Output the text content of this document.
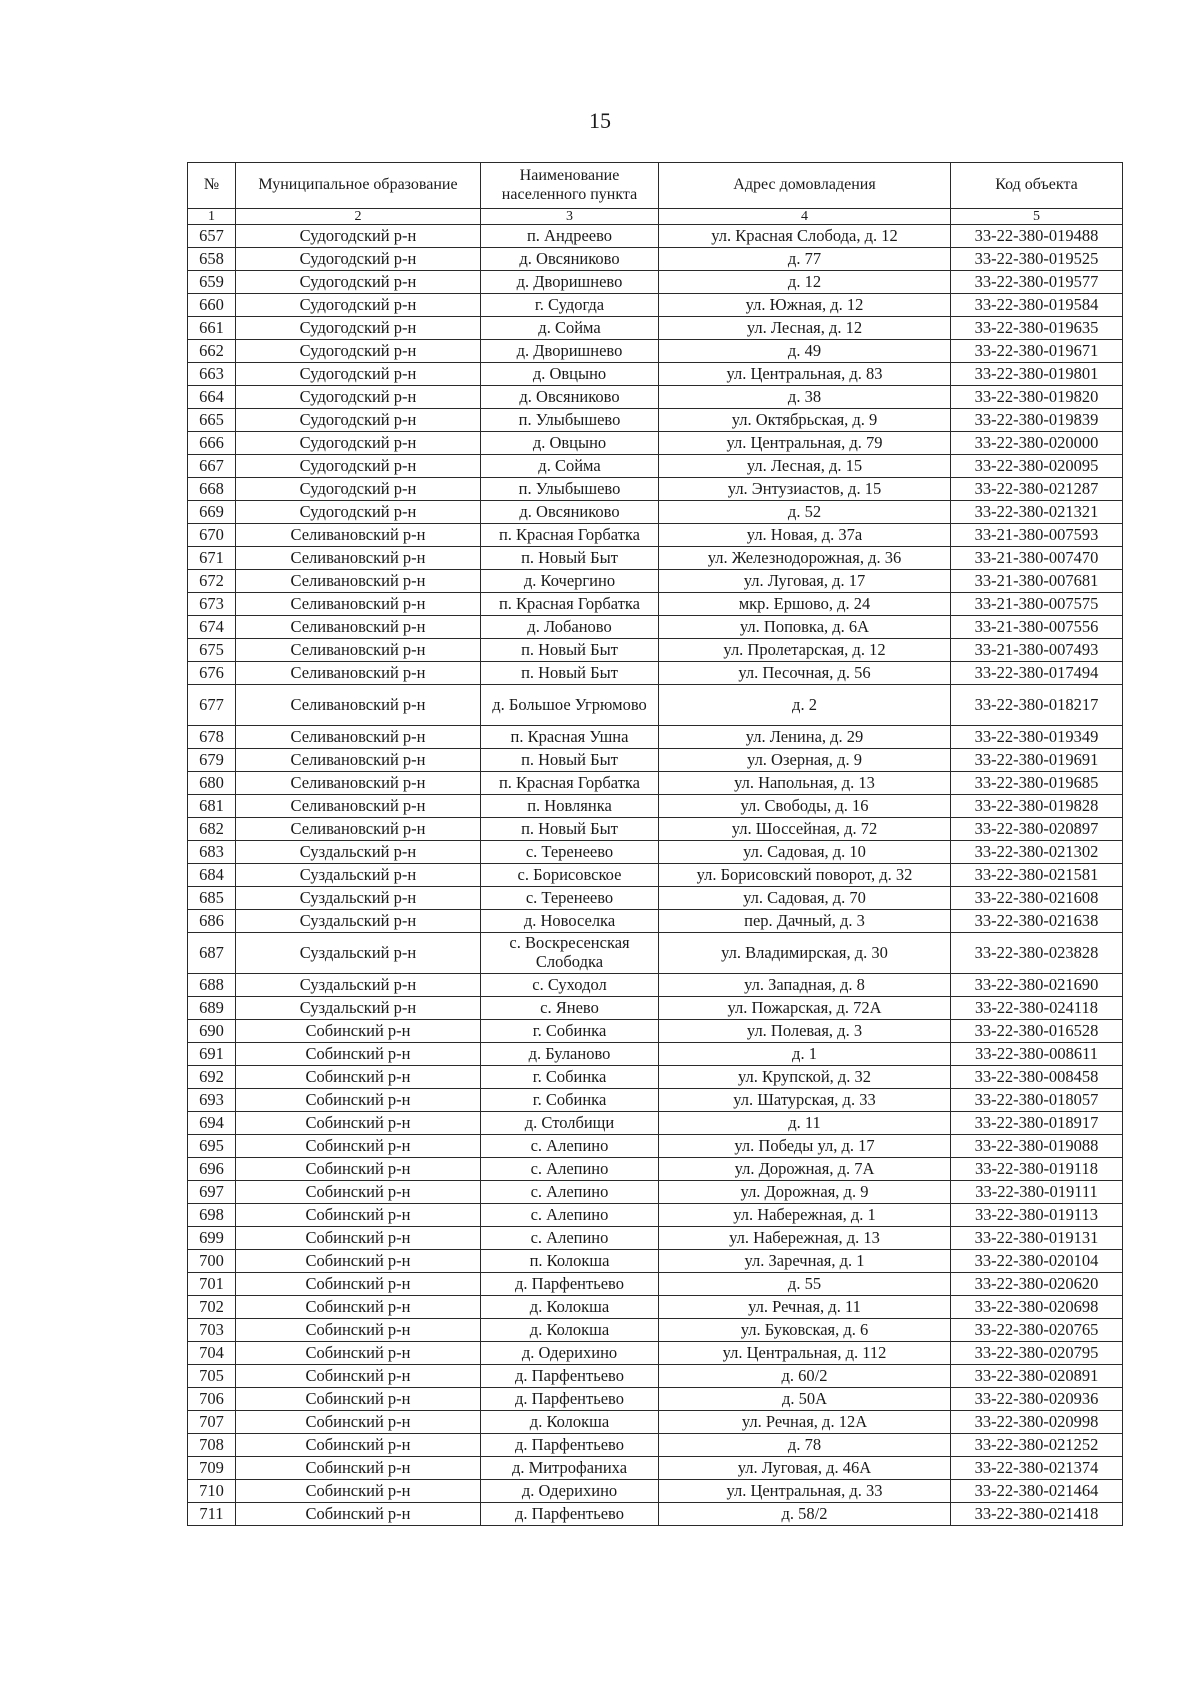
15
№	Муниципальное образование	Наименование населенного пункта	Адрес домовладения	Код объекта
1	2	3	4	5
657	Судогодский р-н	п. Андреево	ул. Красная Слобода, д. 12	33-22-380-019488
658	Судогодский р-н	д. Овсяниково	д. 77	33-22-380-019525
659	Судогодский р-н	д. Дворишнево	д. 12	33-22-380-019577
660	Судогодский р-н	г. Судогда	ул. Южная, д. 12	33-22-380-019584
661	Судогодский р-н	д. Сойма	ул. Лесная, д. 12	33-22-380-019635
662	Судогодский р-н	д. Дворишнево	д. 49	33-22-380-019671
663	Судогодский р-н	д. Овцыно	ул. Центральная, д. 83	33-22-380-019801
664	Судогодский р-н	д. Овсяниково	д. 38	33-22-380-019820
665	Судогодский р-н	п. Улыбышево	ул. Октябрьская, д. 9	33-22-380-019839
666	Судогодский р-н	д. Овцыно	ул. Центральная, д. 79	33-22-380-020000
667	Судогодский р-н	д. Сойма	ул. Лесная, д. 15	33-22-380-020095
668	Судогодский р-н	п. Улыбышево	ул. Энтузиастов, д. 15	33-22-380-021287
669	Судогодский р-н	д. Овсяниково	д. 52	33-22-380-021321
670	Селивановский р-н	п. Красная Горбатка	ул. Новая, д. 37а	33-21-380-007593
671	Селивановский р-н	п. Новый Быт	ул. Железнодорожная, д. 36	33-21-380-007470
672	Селивановский р-н	д. Кочергино	ул. Луговая, д. 17	33-21-380-007681
673	Селивановский р-н	п. Красная Горбатка	мкр. Ершово, д. 24	33-21-380-007575
674	Селивановский р-н	д. Лобаново	ул. Поповка, д. 6А	33-21-380-007556
675	Селивановский р-н	п. Новый Быт	ул. Пролетарская, д. 12	33-21-380-007493
676	Селивановский р-н	п. Новый Быт	ул. Песочная, д. 56	33-22-380-017494
677	Селивановский р-н	д. Большое Угрюмово	д. 2	33-22-380-018217
678	Селивановский р-н	п. Красная Ушна	ул. Ленина, д. 29	33-22-380-019349
679	Селивановский р-н	п. Новый Быт	ул. Озерная, д. 9	33-22-380-019691
680	Селивановский р-н	п. Красная Горбатка	ул. Напольная, д. 13	33-22-380-019685
681	Селивановский р-н	п. Новлянка	ул. Свободы, д. 16	33-22-380-019828
682	Селивановский р-н	п. Новый Быт	ул. Шоссейная, д. 72	33-22-380-020897
683	Суздальский р-н	с. Теренеево	ул. Садовая, д. 10	33-22-380-021302
684	Суздальский р-н	с. Борисовское	ул. Борисовский поворот, д. 32	33-22-380-021581
685	Суздальский р-н	с. Теренеево	ул. Садовая, д. 70	33-22-380-021608
686	Суздальский р-н	д. Новоселка	пер. Дачный, д. 3	33-22-380-021638
687	Суздальский р-н	с. Воскресенская Слободка	ул. Владимирская, д. 30	33-22-380-023828
688	Суздальский р-н	с. Суходол	ул. Западная, д. 8	33-22-380-021690
689	Суздальский р-н	с. Янево	ул. Пожарская, д. 72А	33-22-380-024118
690	Собинский р-н	г. Собинка	ул. Полевая, д. 3	33-22-380-016528
691	Собинский р-н	д. Буланово	д. 1	33-22-380-008611
692	Собинский р-н	г. Собинка	ул. Крупской, д. 32	33-22-380-008458
693	Собинский р-н	г. Собинка	ул. Шатурская, д. 33	33-22-380-018057
694	Собинский р-н	д. Столбищи	д. 11	33-22-380-018917
695	Собинский р-н	с. Алепино	ул. Победы ул, д. 17	33-22-380-019088
696	Собинский р-н	с. Алепино	ул. Дорожная, д. 7А	33-22-380-019118
697	Собинский р-н	с. Алепино	ул. Дорожная, д. 9	33-22-380-019111
698	Собинский р-н	с. Алепино	ул. Набережная, д. 1	33-22-380-019113
699	Собинский р-н	с. Алепино	ул. Набережная, д. 13	33-22-380-019131
700	Собинский р-н	п. Колокша	ул. Заречная, д. 1	33-22-380-020104
701	Собинский р-н	д. Парфентьево	д. 55	33-22-380-020620
702	Собинский р-н	д. Колокша	ул. Речная, д. 11	33-22-380-020698
703	Собинский р-н	д. Колокша	ул. Буковская, д. 6	33-22-380-020765
704	Собинский р-н	д. Одерихино	ул. Центральная, д. 112	33-22-380-020795
705	Собинский р-н	д. Парфентьево	д. 60/2	33-22-380-020891
706	Собинский р-н	д. Парфентьево	д. 50А	33-22-380-020936
707	Собинский р-н	д. Колокша	ул. Речная, д. 12А	33-22-380-020998
708	Собинский р-н	д. Парфентьево	д. 78	33-22-380-021252
709	Собинский р-н	д. Митрофаниха	ул. Луговая, д. 46А	33-22-380-021374
710	Собинский р-н	д. Одерихино	ул. Центральная, д. 33	33-22-380-021464
711	Собинский р-н	д. Парфентьево	д. 58/2	33-22-380-021418
